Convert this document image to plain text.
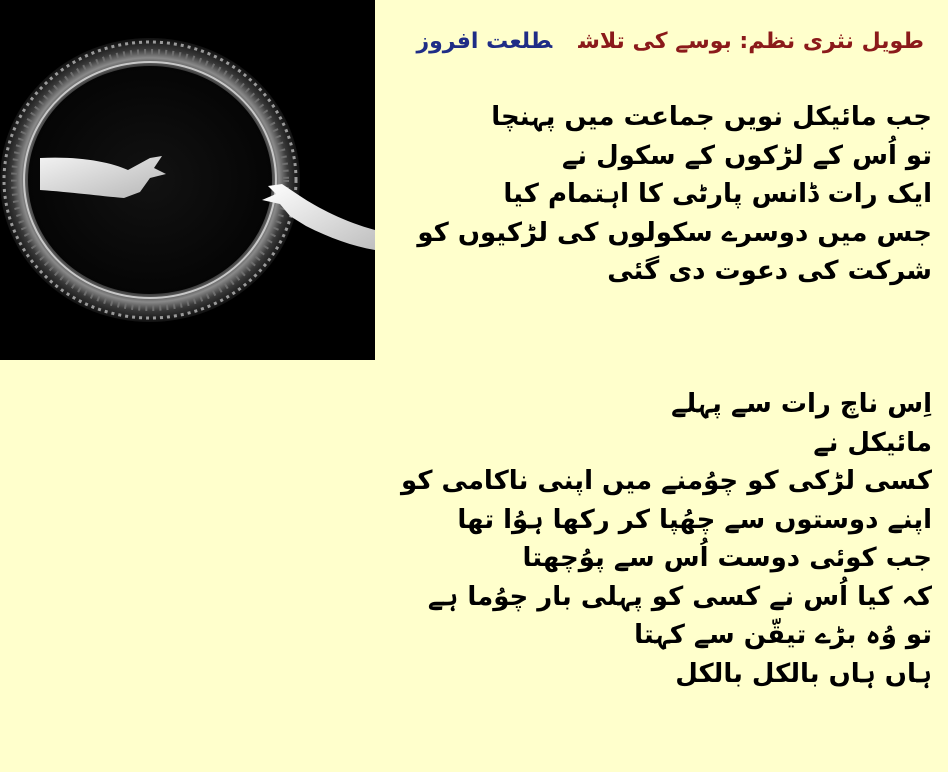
طویل نثری نظم: بوسے کی تلاشطلعت افروز
جب مائیکل نویں جماعت میں پہنچا
تو اُس کے لڑکوں کے سکول نے
ایک رات ڈانس پارٹی کا اہتمام کیا
جس میں دوسرے سکولوں کی لڑکیوں کو
شرکت کی دعوت دی گئی
اِس ناچ رات سے پہلے
مائیکل نے
کسی لڑکی کو چوُمنے میں اپنی ناکامی کو
اپنے دوستوں سے چھُپا کر رکھا ہوُا تھا
جب کوئی دوست اُس سے پوُچھتا
کہ کیا اُس نے کسی کو پہلی بار چوُما ہے
تو وُہ بڑے تیقّن سے کہتا
ہاں ہاں بالکل بالکل
